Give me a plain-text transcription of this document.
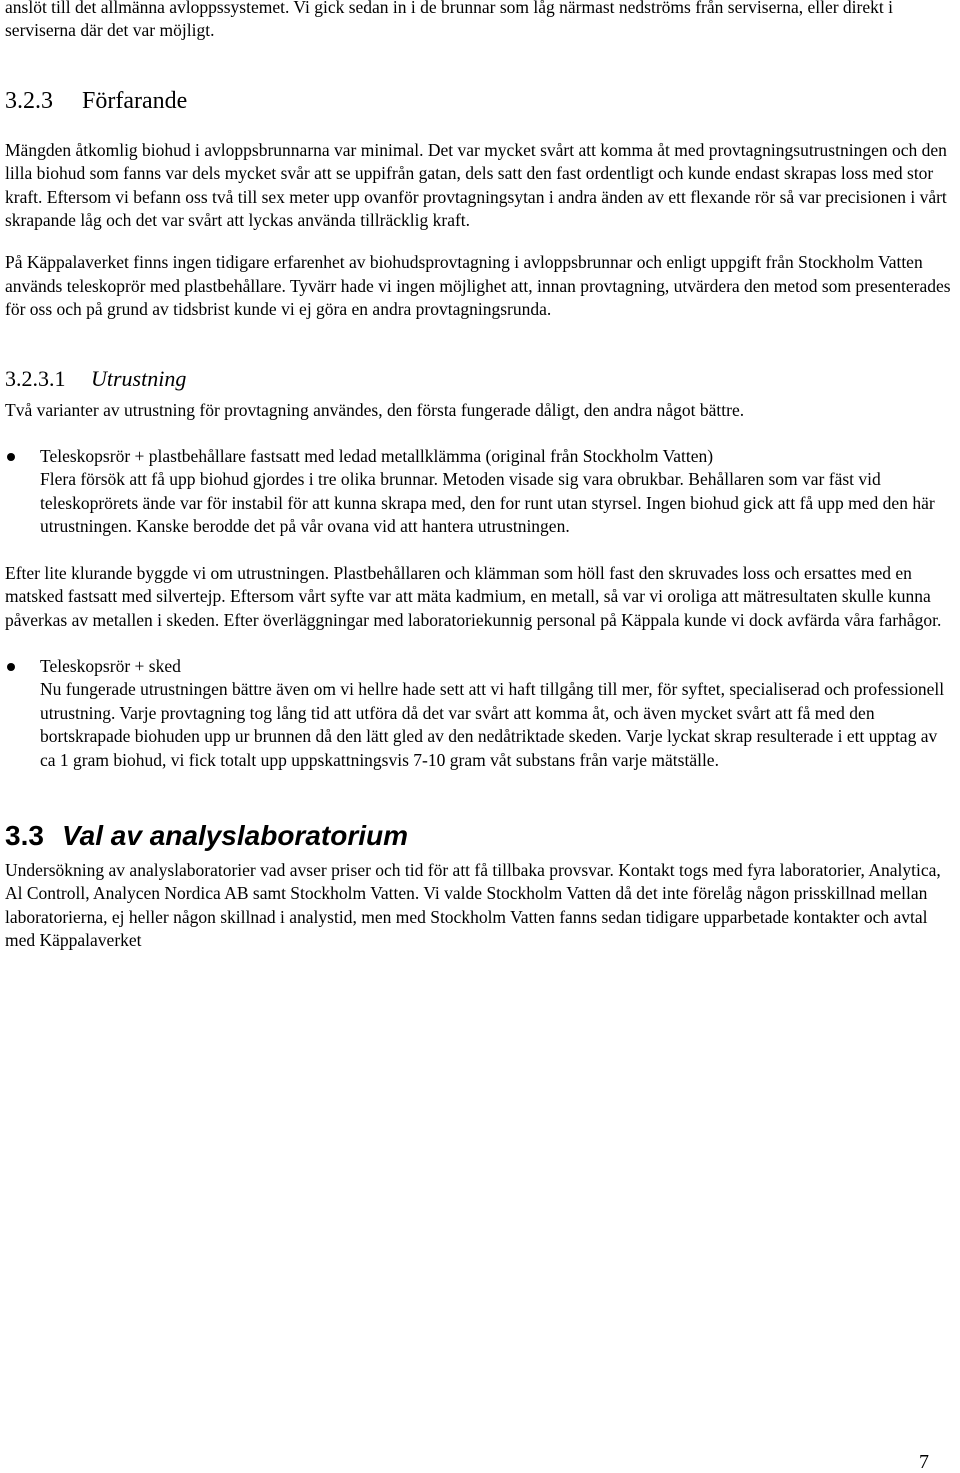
anslöt till det allmänna avloppssystemet. Vi gick sedan in i de brunnar som låg närmast nedströms från serviserna, eller direkt i serviserna där det var möjligt.

3.2.3 Förfarande

Mängden åtkomlig biohud i avloppsbrunnarna var minimal. Det var mycket svårt att komma åt med provtagningsutrustningen och den lilla biohud som fanns var dels mycket svår att se uppifrån gatan, dels satt den fast ordentligt och kunde endast skrapas loss med stor kraft. Eftersom vi befann oss två till sex meter upp ovanför provtagningsytan i andra änden av ett flexande rör så var precisionen i vårt skrapande låg och det var svårt att lyckas använda tillräcklig kraft.

På Käppalaverket finns ingen tidigare erfarenhet av biohudsprovtagning i avloppsbrunnar och enligt uppgift från Stockholm Vatten används teleskoprör med plastbehållare. Tyvärr hade vi ingen möjlighet att, innan provtagning, utvärdera den metod som presenterades för oss och på grund av tidsbrist kunde vi ej göra en andra provtagningsrunda.

3.2.3.1 Utrustning

Två varianter av utrustning för provtagning användes, den första fungerade dåligt, den andra något bättre.

Teleskopsrör + plastbehållare fastsatt med ledad metallklämma (original från Stockholm Vatten)

Flera försök att få upp biohud gjordes i tre olika brunnar. Metoden visade sig vara obrukbar. Behållaren som var fäst vid teleskoprörets ände var för instabil för att kunna skrapa med, den for runt utan styrsel. Ingen biohud gick att få upp med den här utrustningen. Kanske berodde det på vår ovana vid att hantera utrustningen.

Efter lite klurande byggde vi om utrustningen. Plastbehållaren och klämman som höll fast den skruvades loss och ersattes med en matsked fastsatt med silvertejp. Eftersom vårt syfte var att mäta kadmium, en metall, så var vi oroliga att mätresultaten skulle kunna påverkas av metallen i skeden. Efter överläggningar med laboratoriekunnig personal på Käppala kunde vi dock avfärda våra farhågor.

Teleskopsrör + sked

Nu fungerade utrustningen bättre även om vi hellre hade sett att vi haft tillgång till mer, för syftet, specialiserad och professionell utrustning. Varje provtagning tog lång tid att utföra då det var svårt att komma åt, och även mycket svårt att få med den bortskrapade biohuden upp ur brunnen då den lätt gled av den nedåtriktade skeden. Varje lyckat skrap resulterade i ett upptag av ca 1 gram biohud, vi fick totalt upp uppskattningsvis 7-10 gram våt substans från varje mätställe.

3.3 Val av analyslaboratorium

Undersökning av analyslaboratorier vad avser priser och tid för att få tillbaka provsvar. Kontakt togs med fyra laboratorier, Analytica, Al Controll, Analycen Nordica AB samt Stockholm Vatten. Vi valde Stockholm Vatten då det inte förelåg någon prisskillnad mellan laboratorierna, ej heller någon skillnad i analystid, men med Stockholm Vatten fanns sedan tidigare upparbetade kontakter och avtal med Käppalaverket

7
